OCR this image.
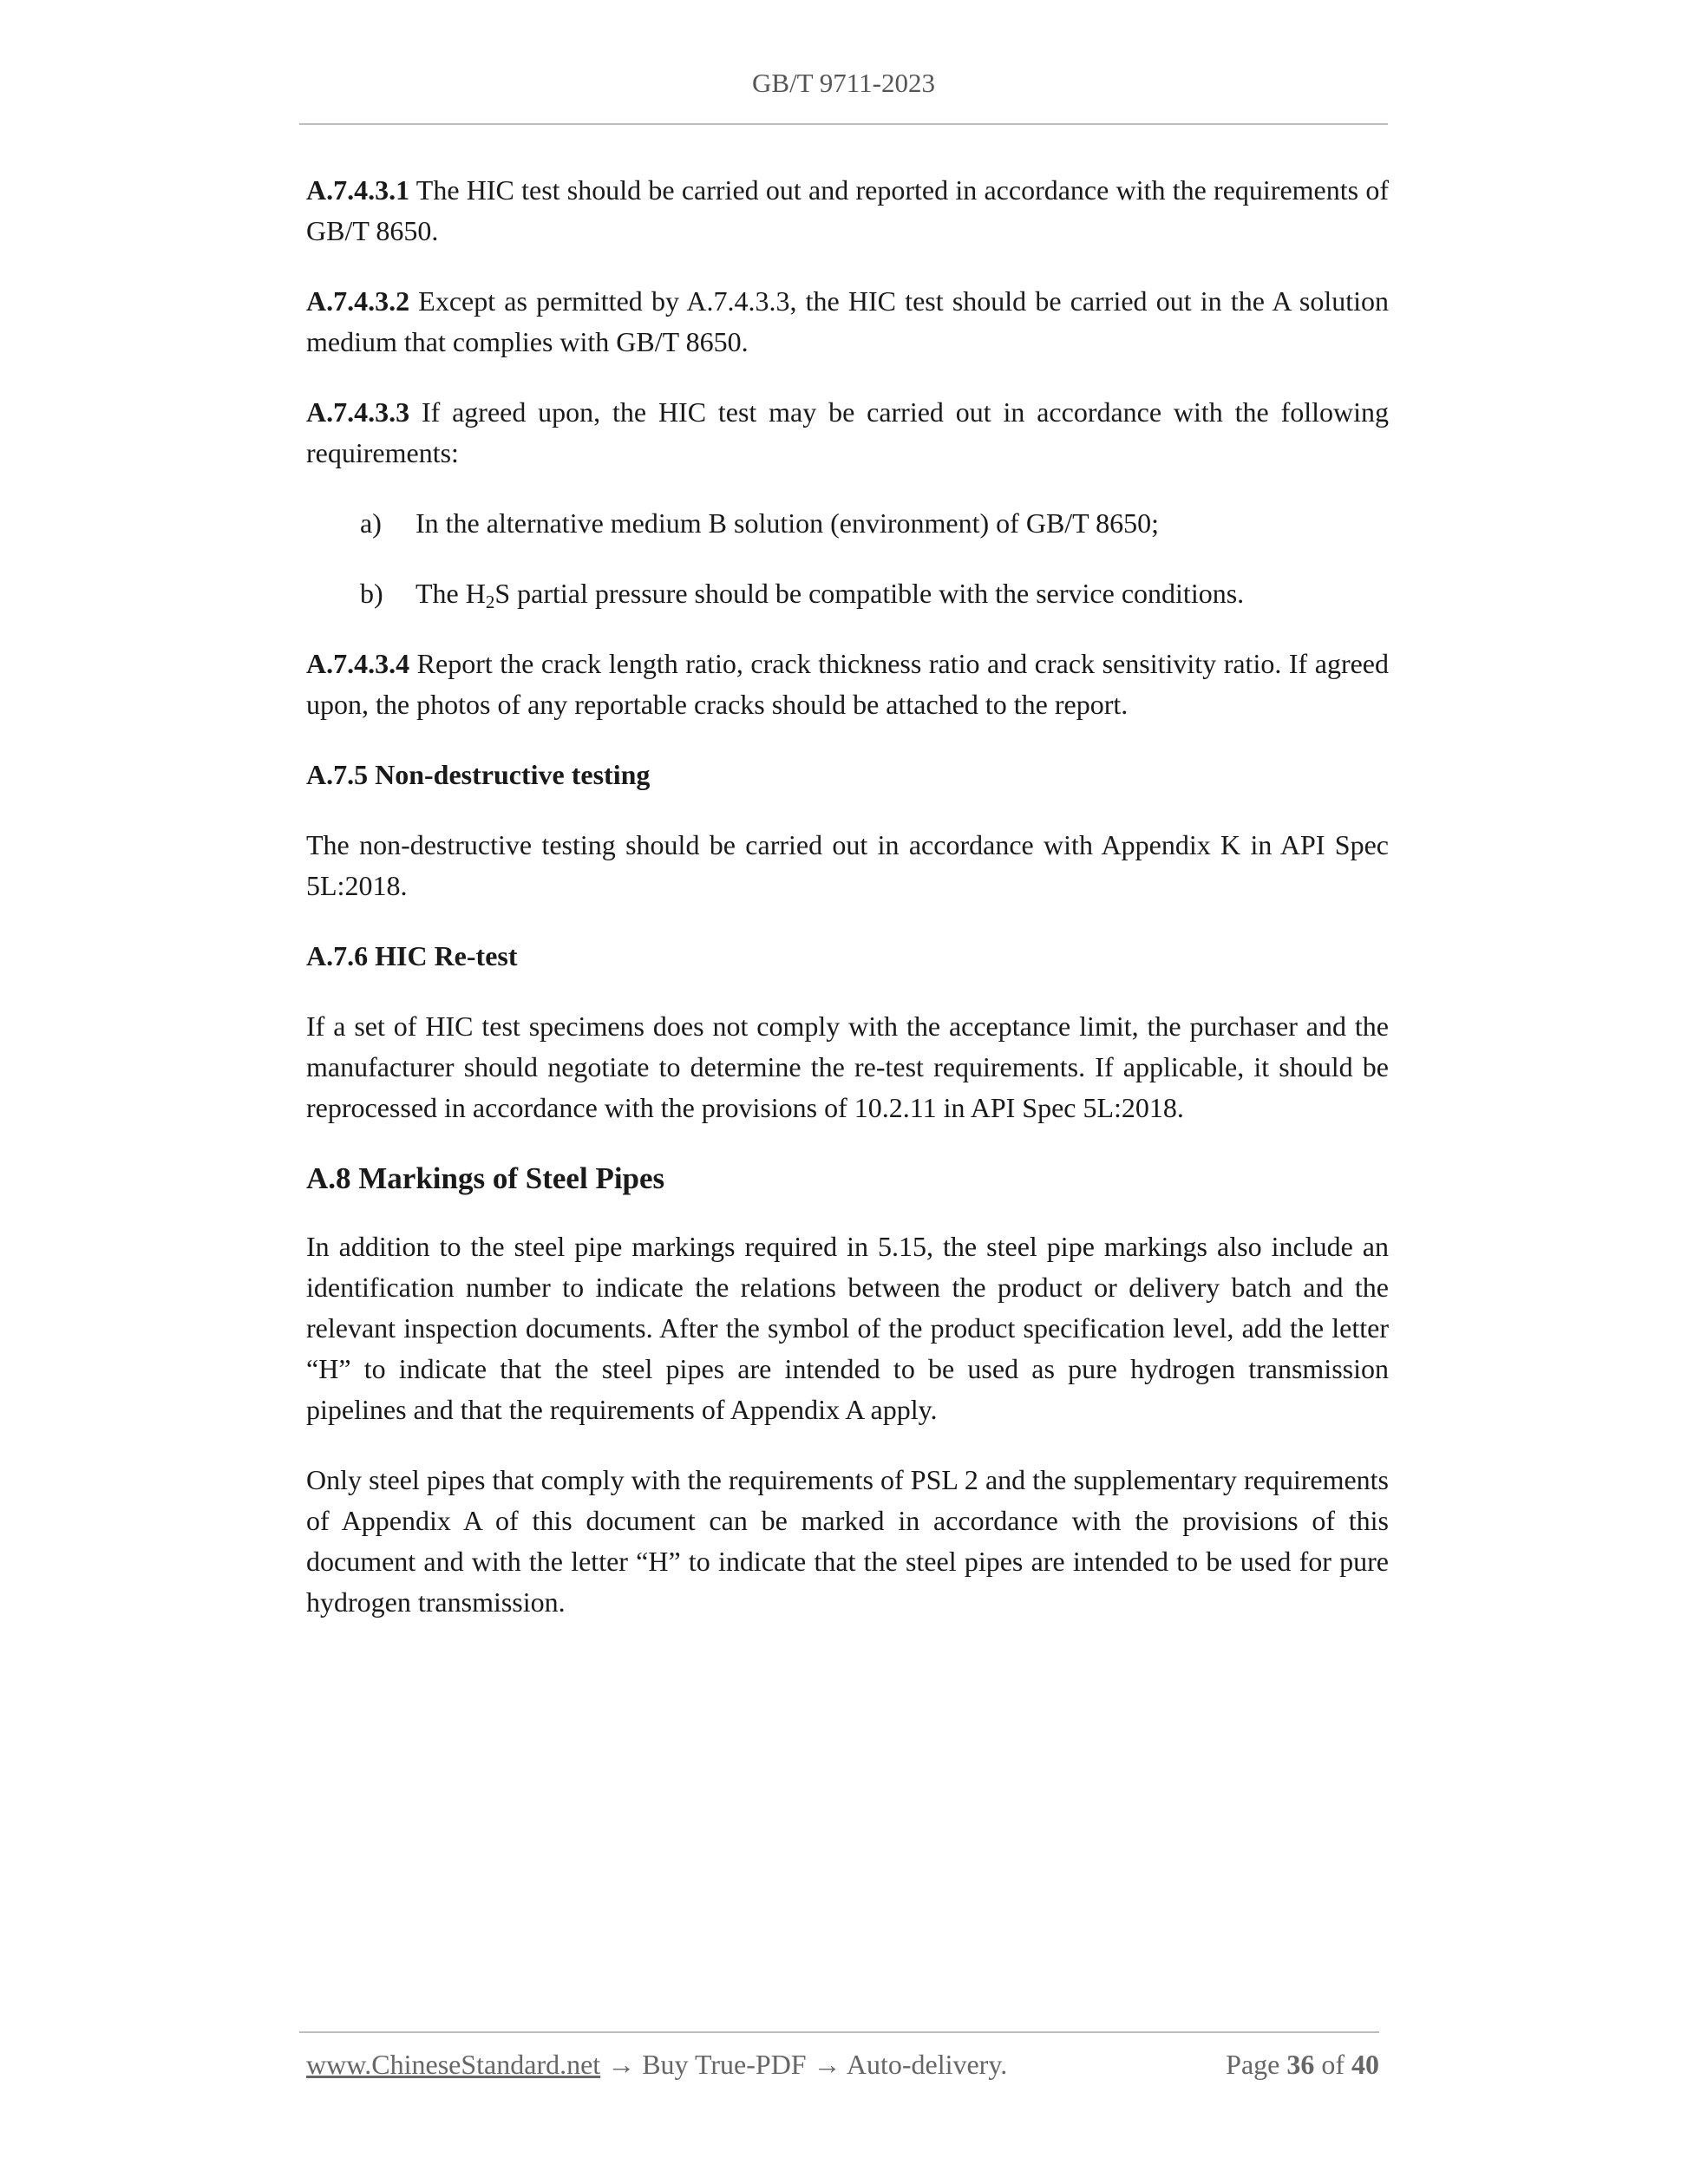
GB/T 9711-2023

A.7.4.3.1 The HIC test should be carried out and reported in accordance with the requirements of GB/T 8650.

A.7.4.3.2 Except as permitted by A.7.4.3.3, the HIC test should be carried out in the A solution medium that complies with GB/T 8650.

A.7.4.3.3 If agreed upon, the HIC test may be carried out in accordance with the following requirements:

a) In the alternative medium B solution (environment) of GB/T 8650;
b) The $H_2S$ partial pressure should be compatible with the service conditions.

A.7.4.3.4 Report the crack length ratio, crack thickness ratio and crack sensitivity ratio. If agreed upon, the photos of any reportable cracks should be attached to the report.

A.7.5 Non-destructive testing

The non-destructive testing should be carried out in accordance with Appendix K in API Spec 5L:2018.

A.7.6 HIC Re-test

If a set of HIC test specimens does not comply with the acceptance limit, the purchaser and the manufacturer should negotiate to determine the re-test requirements. If applicable, it should be reprocessed in accordance with the provisions of 10.2.11 in API Spec 5L:2018.

A.8 Markings of Steel Pipes

In addition to the steel pipe markings required in 5.15, the steel pipe markings also include an identification number to indicate the relations between the product or delivery batch and the relevant inspection documents. After the symbol of the product specification level, add the letter “H” to indicate that the steel pipes are intended to be used as pure hydrogen transmission pipelines and that the requirements of Appendix A apply.

Only steel pipes that comply with the requirements of PSL 2 and the supplementary requirements of Appendix A of this document can be marked in accordance with the provisions of this document and with the letter “H” to indicate that the steel pipes are intended to be used for pure hydrogen transmission.

www.ChineseStandard.net → Buy True-PDF → Auto-delivery.	Page 36 of 40
